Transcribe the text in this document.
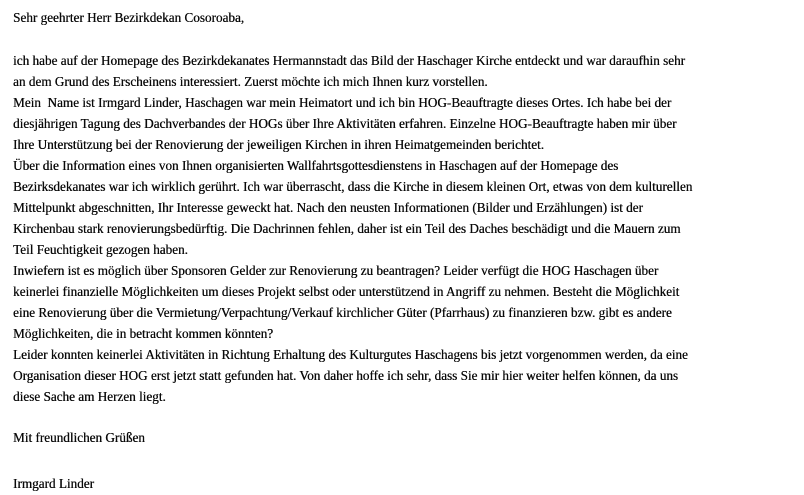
Sehr geehrter Herr Bezirkdekan Cosoroaba,
ich habe auf der Homepage des Bezirkdekanates Hermannstadt das Bild der Haschager Kirche entdeckt und war daraufhin sehr
an dem Grund des Erscheinens interessiert. Zuerst möchte ich mich Ihnen kurz vorstellen.
Mein  Name ist Irmgard Linder, Haschagen war mein Heimatort und ich bin HOG-Beauftragte dieses Ortes. Ich habe bei der
diesjährigen Tagung des Dachverbandes der HOGs über Ihre Aktivitäten erfahren. Einzelne HOG-Beauftragte haben mir über
Ihre Unterstützung bei der Renovierung der jeweiligen Kirchen in ihren Heimatgemeinden berichtet.
Über die Information eines von Ihnen organisierten Wallfahrtsgottesdienstens in Haschagen auf der Homepage des
Bezirksdekanates war ich wirklich gerührt. Ich war überrascht, dass die Kirche in diesem kleinen Ort, etwas von dem kulturellen
Mittelpunkt abgeschnitten, Ihr Interesse geweckt hat. Nach den neusten Informationen (Bilder und Erzählungen) ist der
Kirchenbau stark renovierungsbedürftig. Die Dachrinnen fehlen, daher ist ein Teil des Daches beschädigt und die Mauern zum
Teil Feuchtigkeit gezogen haben.
Inwiefern ist es möglich über Sponsoren Gelder zur Renovierung zu beantragen? Leider verfügt die HOG Haschagen über
keinerlei finanzielle Möglichkeiten um dieses Projekt selbst oder unterstützend in Angriff zu nehmen. Besteht die Möglichkeit
eine Renovierung über die Vermietung/Verpachtung/Verkauf kirchlicher Güter (Pfarrhaus) zu finanzieren bzw. gibt es andere
Möglichkeiten, die in betracht kommen könnten?
Leider konnten keinerlei Aktivitäten in Richtung Erhaltung des Kulturgutes Haschagens bis jetzt vorgenommen werden, da eine
Organisation dieser HOG erst jetzt statt gefunden hat. Von daher hoffe ich sehr, dass Sie mir hier weiter helfen können, da uns
diese Sache am Herzen liegt.
Mit freundlichen Grüßen
Irmgard Linder
